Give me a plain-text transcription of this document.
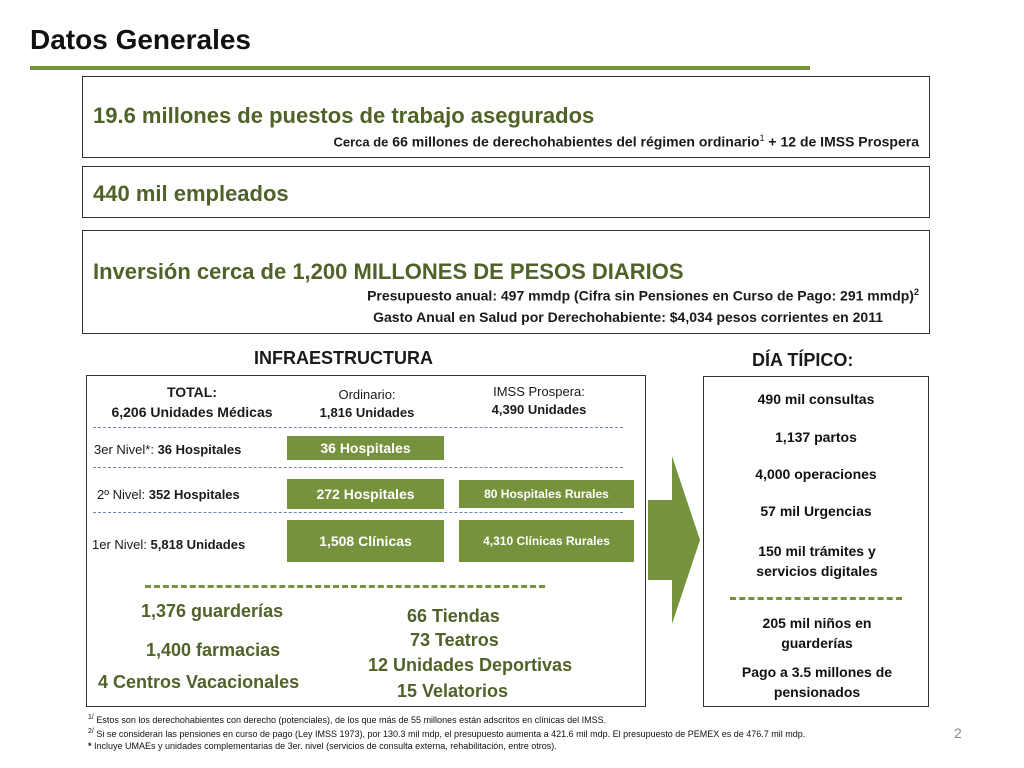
Datos Generales
19.6 millones de puestos de trabajo asegurados
Cerca de 66 millones de derechohabientes del régimen ordinario$^1$ + 12 de IMSS Prospera
440 mil empleados
Inversión cerca de 1,200 MILLONES DE PESOS DIARIOS
Presupuesto anual: 497 mmdp (Cifra sin Pensiones en Curso de Pago: 291 mmdp)$^2$
Gasto Anual en Salud por Derechohabiente: $4,034 pesos corrientes en 2011
INFRAESTRUCTURA
TOTAL:
6,206 Unidades Médicas
Ordinario:
1,816 Unidades
IMSS Prospera:
4,390 Unidades
3er Nivel*: 36 Hospitales	36 Hospitales
2º Nivel: 352 Hospitales	272 Hospitales	80 Hospitales Rurales
1er Nivel: 5,818 Unidades	1,508 Clínicas	4,310 Clínicas Rurales
1,376 guarderías
1,400 farmacias
4 Centros Vacacionales
66 Tiendas
73 Teatros
12 Unidades Deportivas
15 Velatorios
DÍA TÍPICO:
490 mil consultas
1,137 partos
4,000 operaciones
57 mil Urgencias
150 mil trámites y servicios digitales
205 mil niños en guarderías
Pago a 3.5 millones de pensionados
$^{1/}$ Estos son los derechohabientes con derecho (potenciales), de los que más de 55 millones están adscritos en clínicas del IMSS.
$^{2/}$ Si se consideran las pensiones en curso de pago (Ley IMSS 1973), por 130.3 mil mdp, el presupuesto aumenta a 421.6 mil mdp. El presupuesto de PEMEX es de 476.7 mil mdp.
* Incluye UMAEs y unidades complementarias de 3er. nivel (servicios de consulta externa, rehabilitación, entre otros).
2
